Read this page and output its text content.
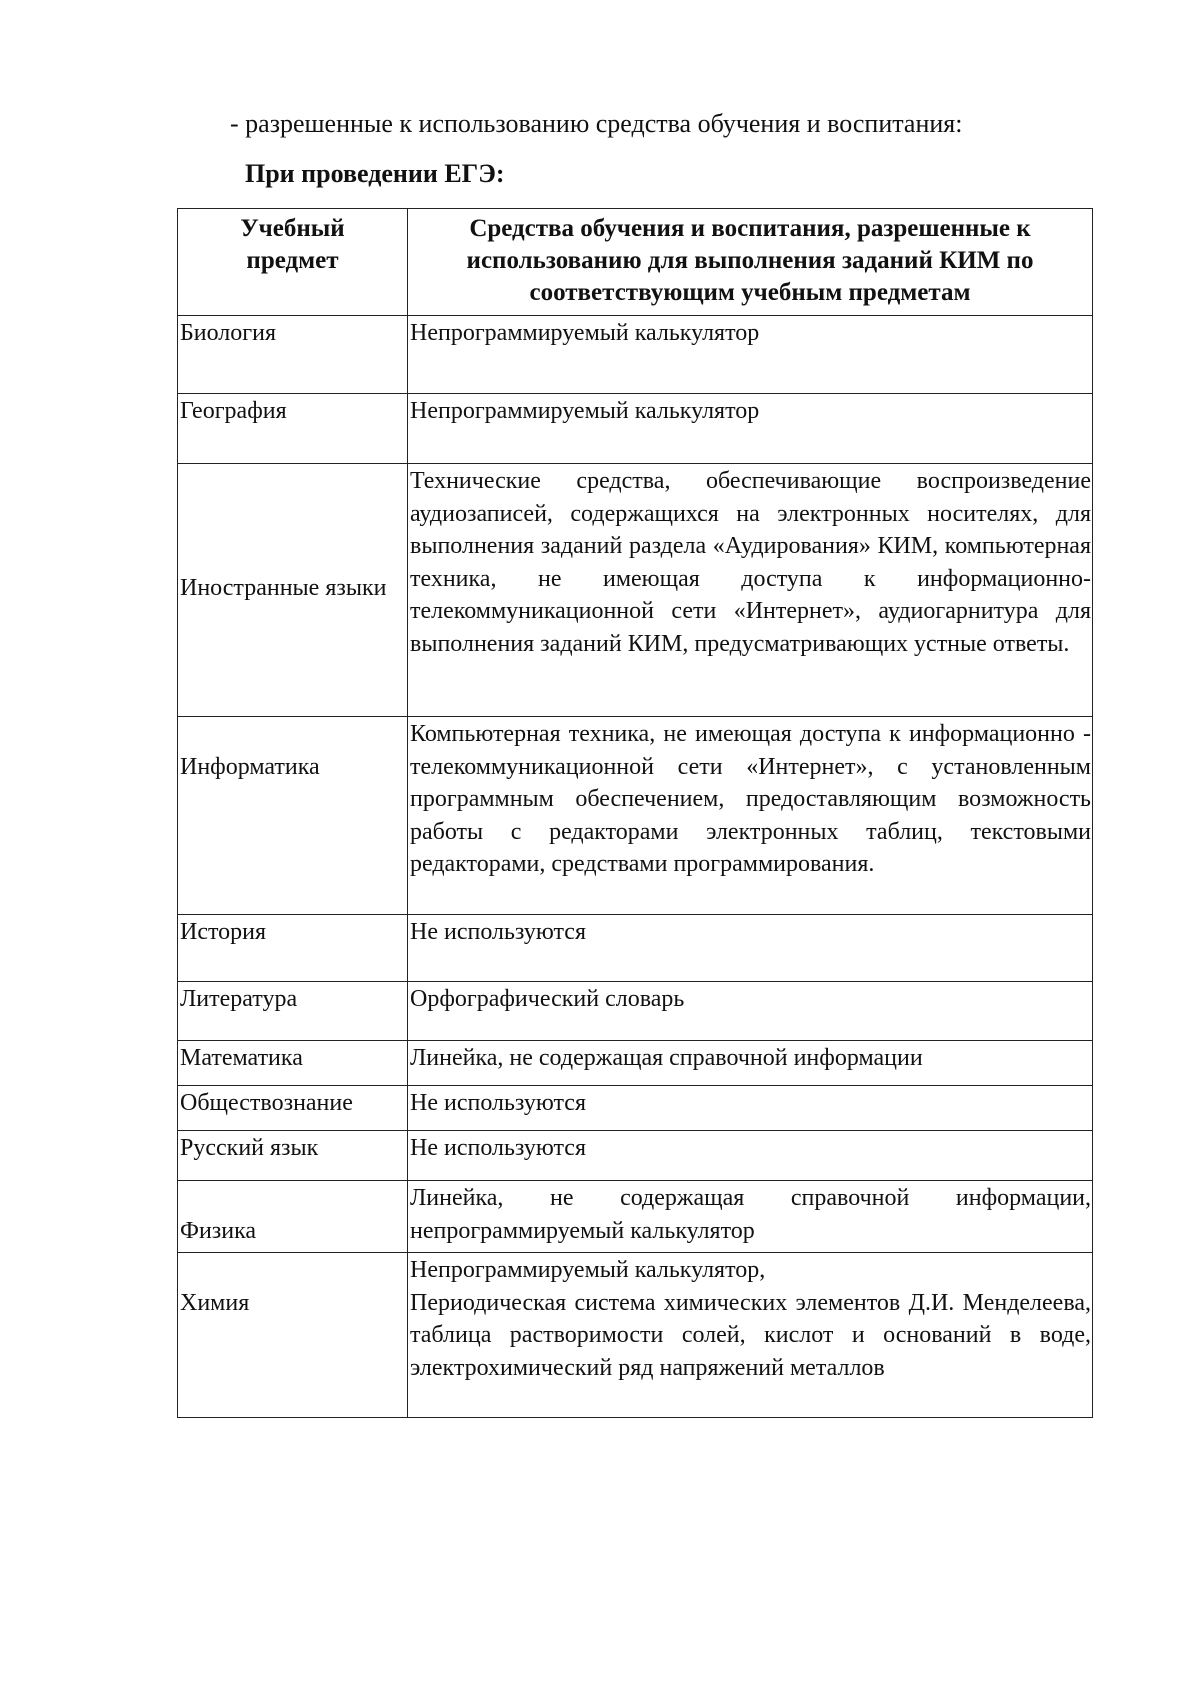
- разрешенные к использованию средства обучения и воспитания:
При проведении ЕГЭ:
Учебный
предмет	Средства обучения и воспитания, разрешенные к использованию для выполнения заданий КИМ по соответствующим учебным предметам
Биология	Непрограммируемый калькулятор
География	Непрограммируемый калькулятор
Иностранные языки	Технические средства, обеспечивающие воспроизведение аудиозаписей, содержащихся на электронных носителях, для выполнения заданий раздела «Аудирования» КИМ, компьютерная техника, не имеющая доступа к информационно-телекоммуникационной сети «Интернет», аудиогарнитура для выполнения заданий КИМ, предусматривающих устные ответы.
Информатика	Компьютерная техника, не имеющая доступа к информационно - телекоммуникационной сети «Интернет», с установленным программным обеспечением, предоставляющим возможность работы с редакторами электронных таблиц, текстовыми редакторами, средствами программирования.
История	Не используются
Литература	Орфографический словарь
Математика	Линейка, не содержащая справочной информации
Обществознание	Не используются
Русский язык	Не используются
Физика	Линейка, не содержащая справочной информации, непрограммируемый калькулятор
Химия	Непрограммируемый калькулятор,
Периодическая система химических элементов Д.И. Менделеева, таблица растворимости солей, кислот и оснований в воде, электрохимический ряд напряжений металлов
